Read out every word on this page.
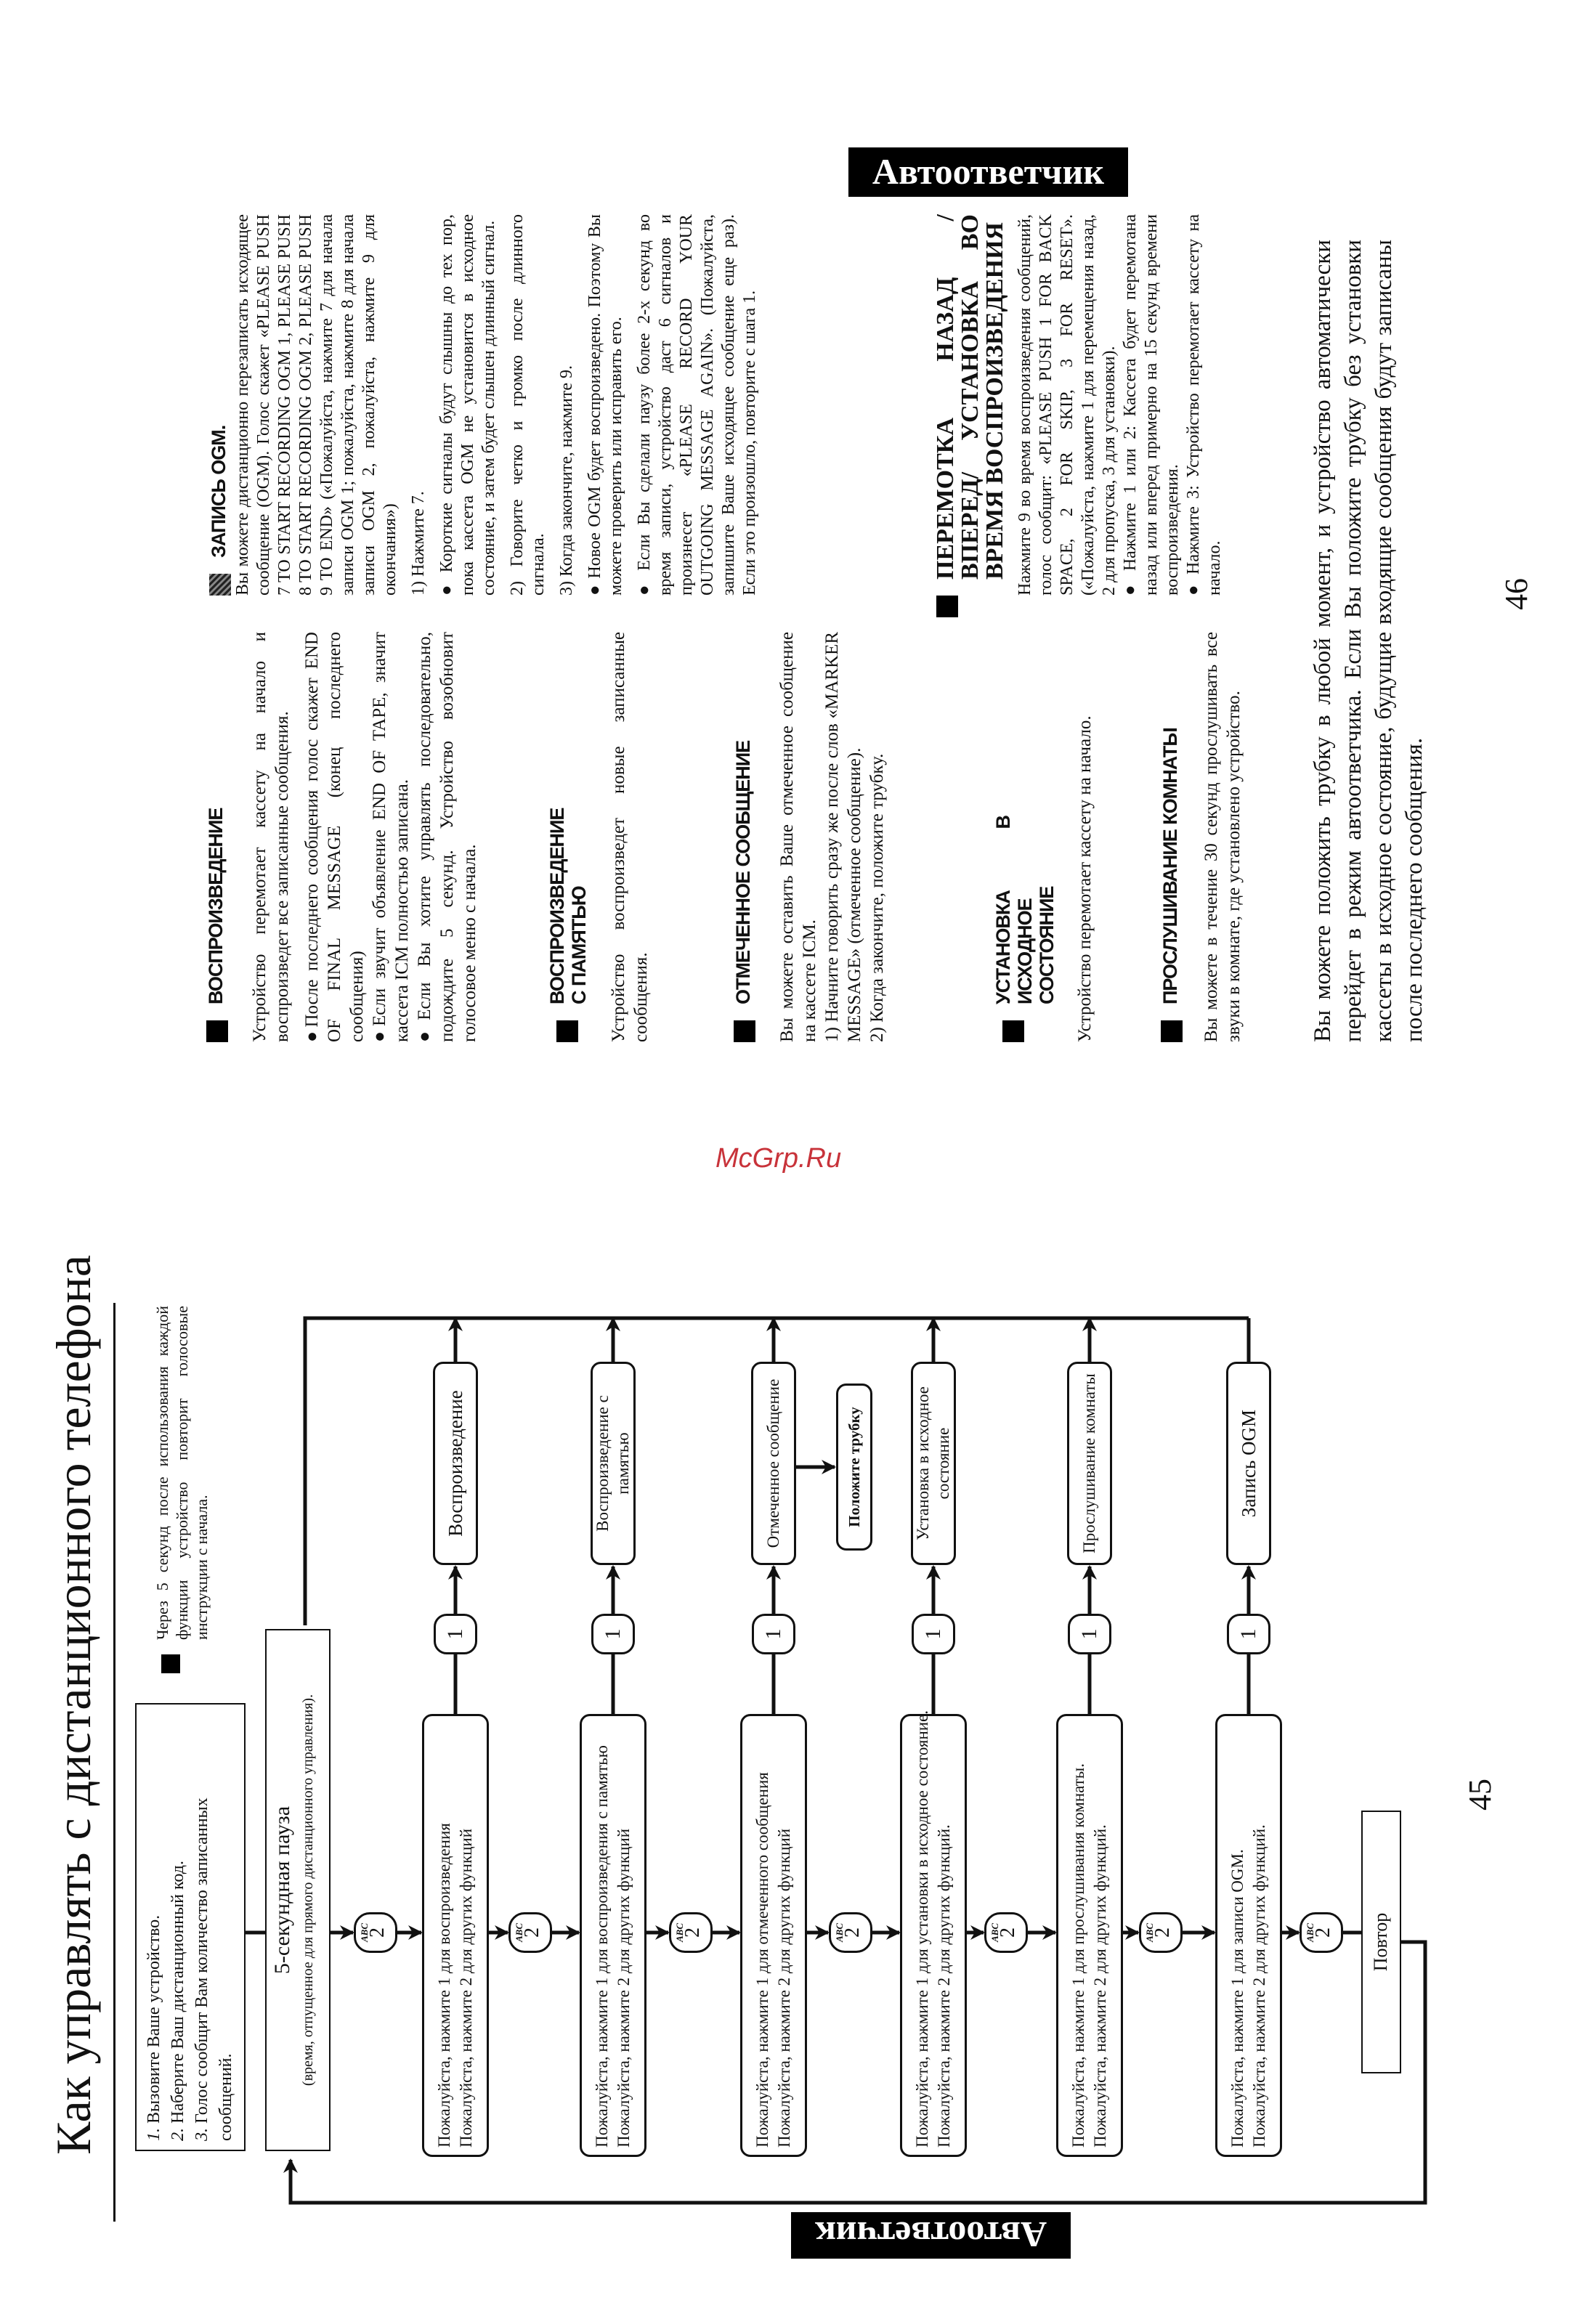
Автоответчик
Автоответчик
McGrp.Ru
Как управлять с дистанционного телефона	1. Вызовите Ваше устройство.
2. Наберите Ваш дистанционный код.
3. Голос сообщит Вам количество записанных сообщений.
Через 5 секунд после использования каждой функции устройство повторит голосовые инструкции с начала.
5-секундная пауза (время, отпущенное для прямого дистанционного управления).	ABC
2	ABC
2	ABC
2	ABC
2	ABC
2	ABC
2	ABC
2
Пожалуйста, нажмите 1 для воспроизведения Пожалуйста, нажмите 2 для других функций
1
Воспроизведение
Пожалуйста, нажмите 1 для воспроизведения с памятью Пожалуйста, нажмите 2 для других функций
1
Воспроизведение с памятью
Пожалуйста, нажмите 1 для отмеченного сообщения Пожалуйста, нажмите 2 для других функций
1
Отмеченное сообщение
Пожалуйста, нажмите 1 для установки в исходное состояние. Пожалуйста, нажмите 2 для других функций.
1
Установка в исходное состояние
Пожалуйста, нажмите 1 для прослушивания комнаты. Пожалуйста, нажмите 2 для других функций.
1
Прослушивание комнаты
Пожалуйста, нажмите 1 для записи OGM. Пожалуйста, нажмите 2 для других функций.
1
Запись OGM
Положите трубку
Повтор
45
ВОСПРОИЗВЕДЕНИЕ Устройство перемотает кассету на начало и воспроизведет все записанные сообщения. ●После последнего сообщения голос скажет END OF FINAL MESSAGE (конец последнего сообщения) ●Если звучит объявление END OF TAPE, значит кассета ICM полностью записана. ●Если Вы хотите управлять последовательно, подождите 5 секунд. Устройство возобновит голосовое меню с начала.	ВОСПРОИЗВЕДЕНИЕ С ПАМЯТЬЮ Устройство воспроизведет новые записанные сообщения.	ОТМЕЧЕННОЕ СООБЩЕНИЕ Вы можете оставить Ваше отмеченное сообщение на кассете ICM. 1) Начните говорить сразу же после слов «MARKER MESSAGE» (отмеченное сообщение). 2) Когда закончите, положите трубку.	УСТАНОВКА В ИСХОДНОЕ СОСТОЯНИЕ Устройство перемотает кассету на начало.	ПРОСЛУШИВАНИЕ КОМНАТЫ Вы можете в течение 30 секунд прослушивать все звуки в комнате, где установлено устройство.

ЗАПИСЬ OGM. Вы можете дистанционно перезаписать исходящее сообщение (OGM). Голос скажет «PLEASE PUSH 7 TO START RECORDING OGM 1, PLEASE PUSH 8 TO START RECORDING OGM 2, PLEASE PUSH 9 TO END» («Пожалуйста, нажмите 7 для начала записи OGM 1; пожалуйста, нажмите 8 для начала записи OGM 2, пожалуйста, нажмите 9 для окончания») 1) Нажмите 7. ● Короткие сигналы будут слышны до тех пор, пока кассета OGM не установится в исходное состояние, и затем будет слышен длинный сигнал. 2) Говорите четко и громко после длинного сигнала. 3) Когда закончите, нажмите 9. ● Новое OGM будет воспроизведено. Поэтому Вы можете проверить или исправить его. ● Если Вы сделали паузу более 2-х секунд во время записи, устройство даст 6 сигналов и произнесет «PLEASE RECORD YOUR OUTGOING MESSAGE AGAIN». (Пожалуйста, запишите Ваше исходящее сообщение еще раз). Если это произошло, повторите с шага 1.	ПЕРЕМОТКА НАЗАД /ВПЕРЕД/ УСТАНОВКА ВО ВРЕМЯ ВОСПРОИЗВЕДЕНИЯ Нажмите 9 во время воспроизведения сообщений, голос сообщит: «PLEASE PUSH 1 FOR BACK SPACE, 2 FOR SKIP, 3 FOR RESET». («Пожалуйста, нажмите 1 для перемещения назад, 2 для пропуска, 3 для установки). ● Нажмите 1 или 2: Кассета будет перемотана назад или вперед примерно на 15 секунд времени воспроизведения. ● Нажмите 3: Устройство перемотает кассету на начало.	Вы можете положить трубку в любой момент, и устройство автоматически перейдет в режим автоответчика. Если Вы положите трубку без установки кассеты в исходное состояние, будущие входящие сообщения будут записаны после последнего сообщения.
46
